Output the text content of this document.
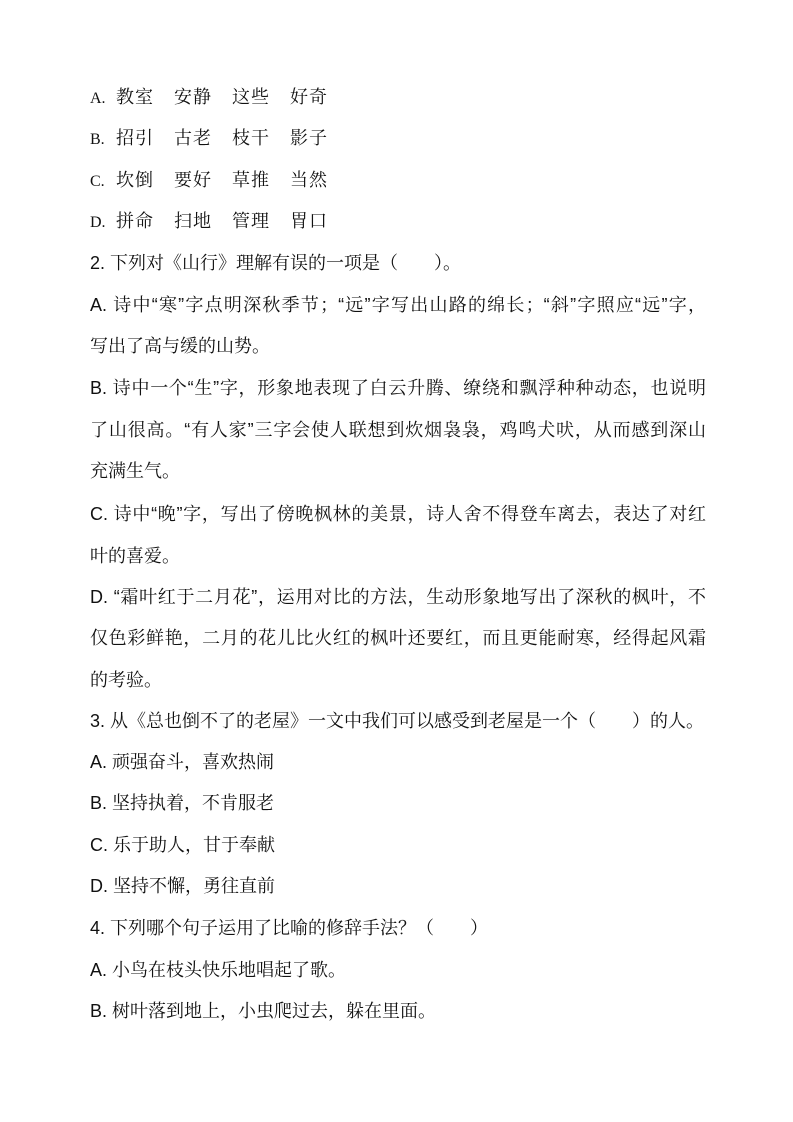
A. 教室 安静 这些 好奇
B. 招引 古老 枝干 影子
C. 坎倒 要好 草推 当然
D. 拼命 扫地 管理 胃口
2. 下列对《山行》理解有误的一项是（　　）。
A. 诗中“寒”字点明深秋季节；“远”字写出山路的绵长；“斜”字照应“远”字，
写出了高与缓的山势。
B. 诗中一个“生”字，形象地表现了白云升腾、缭绕和飘浮种种动态，也说明
了山很高。“有人家”三字会使人联想到炊烟袅袅，鸡鸣犬吠，从而感到深山
充满生气。
C. 诗中“晚”字，写出了傍晚枫林的美景，诗人舍不得登车离去，表达了对红
叶的喜爱。
D. “霜叶红于二月花”，运用对比的方法，生动形象地写出了深秋的枫叶，不
仅色彩鲜艳，二月的花儿比火红的枫叶还要红，而且更能耐寒，经得起风霜
的考验。
3. 从《总也倒不了的老屋》一文中我们可以感受到老屋是一个（　　）的人。
A. 顽强奋斗，喜欢热闹
B. 坚持执着，不肯服老
C. 乐于助人，甘于奉献
D. 坚持不懈，勇往直前
4. 下列哪个句子运用了比喻的修辞手法？（　　）
A. 小鸟在枝头快乐地唱起了歌。
B. 树叶落到地上，小虫爬过去，躲在里面。
